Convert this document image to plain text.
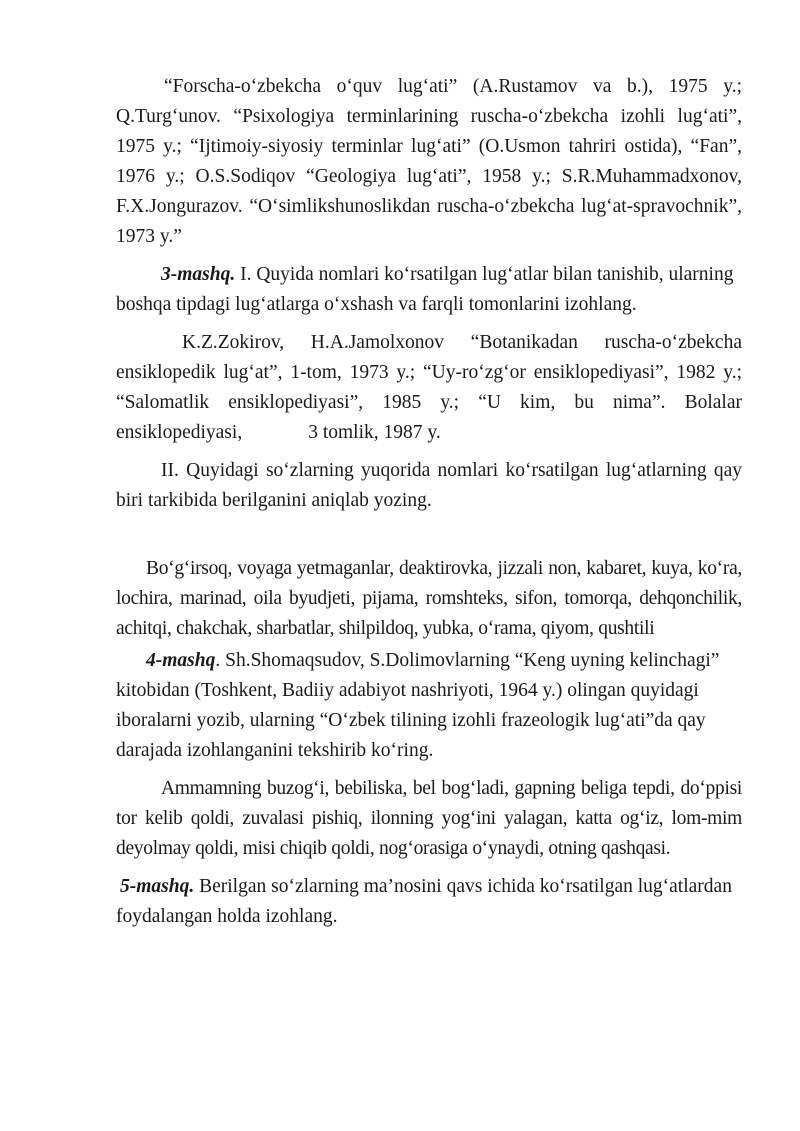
“Forscha-o‘zbekcha o‘quv lug‘ati” (A.Rustamov va b.), 1975 y.; Q.Turg‘unov. “Psixologiya terminlarining ruscha-o‘zbekcha izohli lug‘ati”, 1975 y.; “Ijtimoiy-siyosiy terminlar lug‘ati” (O.Usmon tahriri ostida), “Fan”, 1976 y.; O.S.Sodiqov “Geologiya lug‘ati”, 1958 y.; S.R.Muhammadxonov, F.X.Jongurazov. “O‘simlikshunoslikdan ruscha-o‘zbekcha lug‘at-spravochnik”, 1973 y.”

3-mashq. I. Quyida nomlari ko‘rsatilgan lug‘atlar bilan tanishib, ularning boshqa tipdagi lug‘atlarga o‘xshash va farqli tomonlarini izohlang.

K.Z.Zokirov, H.A.Jamolxonov “Botanikadan ruscha-o‘zbekcha ensiklopedik lug‘at”, 1-tom, 1973 y.; “Uy-ro‘zg‘or ensiklopediyasi”, 1982 y.; “Salomatlik ensiklopediyasi”, 1985 y.; “U kim, bu nima”. Bolalar ensiklopediyasi,	3 tomlik, 1987 y.

II. Quyidagi so‘zlarning yuqorida nomlari ko‘rsatilgan lug‘atlarning qay biri tarkibida berilganini aniqlab yozing.

Bo‘g‘irsoq, voyaga yetmaganlar, deaktirovka, jizzali non, kabaret, kuya, ko‘ra, lochira, marinad, oila byudjeti, pijama, romshteks, sifon, tomorqa, dehqonchilik, achitqi, chakchak, sharbatlar, shilpildoq, yubka, o‘rama, qiyom, qushtili

4-mashq. Sh.Shomaqsudov, S.Dolimovlarning “Keng uyning kelinchagi” kitobidan (Toshkent, Badiiy adabiyot nashriyoti, 1964 y.) olingan quyidagi iboralarni yozib, ularning “O‘zbek tilining izohli frazeologik lug‘ati”da qay darajada izohlanganini tekshirib ko‘ring.

Ammamning buzog‘i, bebiliska, bel bog‘ladi, gapning beliga tepdi, do‘ppisi tor kelib qoldi, zuvalasi pishiq, ilonning yog‘ini yalagan, katta og‘iz, lom-mim deyolmay qoldi, misi chiqib qoldi, nog‘orasiga o‘ynaydi, otning qashqasi.

5-mashq. Berilgan so‘zlarning ma’nosini qavs ichida ko‘rsatilgan lug‘atlardan foydalangan holda izohlang.
